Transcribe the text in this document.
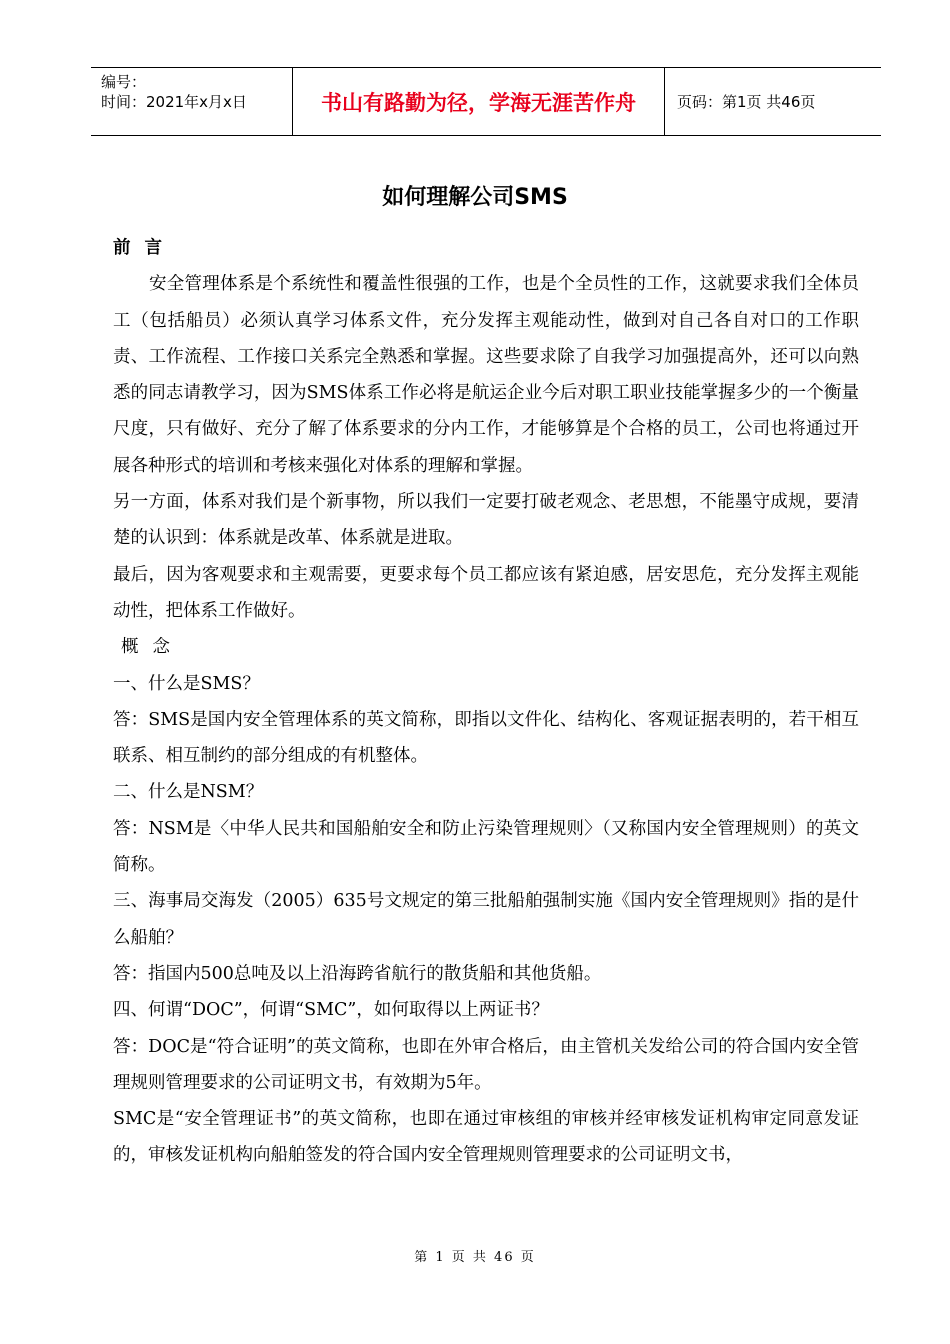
编号：
时间：2021年x月x日	书山有路勤为径，学海无涯苦作舟	页码：第1页 共46页
如何理解公司SMS

前言

安全管理体系是个系统性和覆盖性很强的工作，也是个全员性的工作，这就要求我们全体员工（包括船员）必须认真学习体系文件，充分发挥主观能动性，做到对自己各自对口的工作职责、工作流程、工作接口关系完全熟悉和掌握。这些要求除了自我学习加强提高外，还可以向熟悉的同志请教学习，因为SMS体系工作必将是航运企业今后对职工职业技能掌握多少的一个衡量尺度，只有做好、充分了解了体系要求的分内工作，才能够算是个合格的员工，公司也将通过开展各种形式的培训和考核来强化对体系的理解和掌握。

另一方面，体系对我们是个新事物，所以我们一定要打破老观念、老思想，不能墨守成规，要清楚的认识到：体系就是改革、体系就是进取。

最后，因为客观要求和主观需要，更要求每个员工都应该有紧迫感，居安思危，充分发挥主观能动性，把体系工作做好。

概念

一、什么是SMS？

答：SMS是国内安全管理体系的英文简称，即指以文件化、结构化、客观证据表明的，若干相互联系、相互制约的部分组成的有机整体。

二、什么是NSM？

答：NSM是〈中华人民共和国船舶安全和防止污染管理规则〉（又称国内安全管理规则）的英文简称。

三、海事局交海发（2005）635号文规定的第三批船舶强制实施《国内安全管理规则》指的是什么船舶？

答：指国内500总吨及以上沿海跨省航行的散货船和其他货船。

四、何谓“DOC”，何谓“SMC”，如何取得以上两证书？

答：DOC是“符合证明”的英文简称，也即在外审合格后，由主管机关发给公司的符合国内安全管理规则管理要求的公司证明文书，有效期为5年。

SMC是“安全管理证书”的英文简称，也即在通过审核组的审核并经审核发证机构审定同意发证的，审核发证机构向船舶签发的符合国内安全管理规则管理要求的公司证明文书，

第 1 页 共 46 页
